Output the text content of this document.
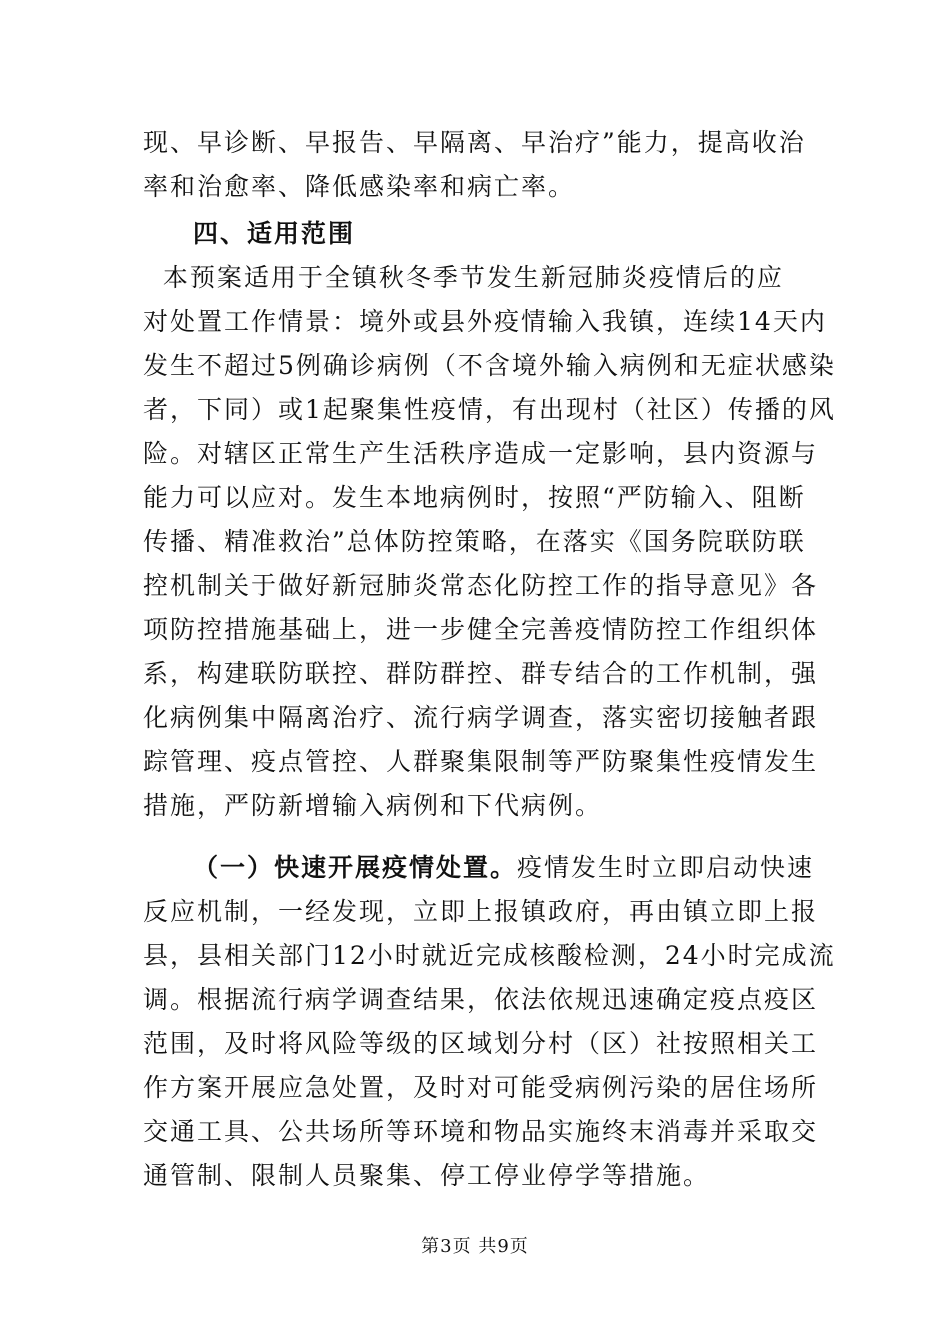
现、早诊断、早报告、早隔离、早治疗”能力，提高收治
率和治愈率、降低感染率和病亡率。
四、适用范围
本预案适用于全镇秋冬季节发生新冠肺炎疫情后的应
对处置工作情景：境外或县外疫情输入我镇，连续14天内
发生不超过5例确诊病例（不含境外输入病例和无症状感染
者，下同）或1起聚集性疫情，有出现村（社区）传播的风
险。对辖区正常生产生活秩序造成一定影响，县内资源与
能力可以应对。发生本地病例时，按照“严防输入、阻断
传播、精准救治”总体防控策略，在落实《国务院联防联
控机制关于做好新冠肺炎常态化防控工作的指导意见》各
项防控措施基础上，进一步健全完善疫情防控工作组织体
系，构建联防联控、群防群控、群专结合的工作机制，强
化病例集中隔离治疗、流行病学调查，落实密切接触者跟
踪管理、疫点管控、人群聚集限制等严防聚集性疫情发生
措施，严防新增输入病例和下代病例。
（一）快速开展疫情处置。疫情发生时立即启动快速
反应机制，一经发现，立即上报镇政府，再由镇立即上报
县，县相关部门12小时就近完成核酸检测，24小时完成流
调。根据流行病学调查结果，依法依规迅速确定疫点疫区
范围，及时将风险等级的区域划分村（区）社按照相关工
作方案开展应急处置，及时对可能受病例污染的居住场所
交通工具、公共场所等环境和物品实施终末消毒并采取交
通管制、限制人员聚集、停工停业停学等措施。
第3页 共9页
